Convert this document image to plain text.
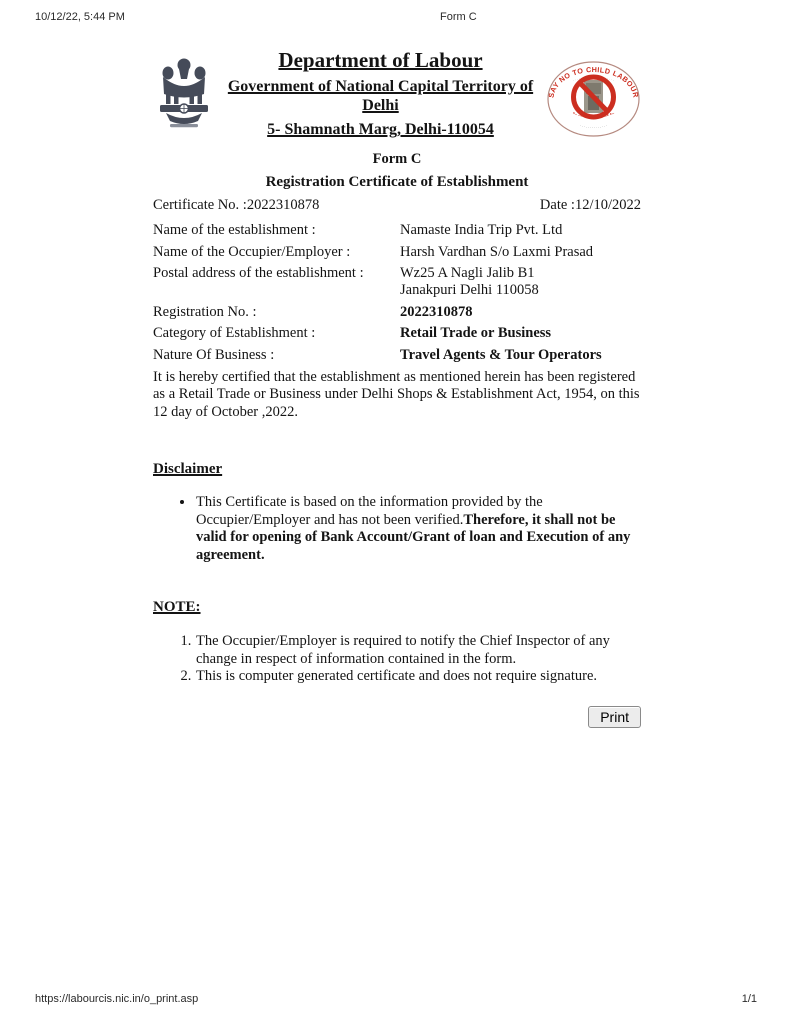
10/12/22, 5:44 PM	Form C
Department of Labour
Government of National Capital Territory of
Delhi
5- Shamnath Marg, Delhi-110054
SAY NO TO CHILD LABOUR
· · · · · · · · · · · · · · · · · · · ·
•– ––• •–– –•– ––• •–
· · · · · · · · · · · · · ·
Form C
Registration Certificate of Establishment
Certificate No. :2022310878	Date :12/10/2022
Name of the establishment :	Namaste India Trip Pvt. Ltd
Name of the Occupier/Employer :	Harsh Vardhan S/o Laxmi Prasad
Postal address of the establishment :	Wz25 A Nagli Jalib B1
Janakpuri Delhi 110058
Registration No. :	2022310878
Category of Establishment :	Retail Trade or Business
Nature Of Business :	Travel Agents & Tour Operators
It is hereby certified that the establishment as mentioned herein has been registered as a Retail Trade or Business under Delhi Shops & Establishment Act, 1954, on this 12 day of October ,2022.
Disclaimer
• This Certificate is based on the information provided by the Occupier/Employer and has not been verified.Therefore, it shall not be valid for opening of Bank Account/Grant of loan and Execution of any agreement.
NOTE:
1. The Occupier/Employer is required to notify the Chief Inspector of any change in respect of information contained in the form.
2. This is computer generated certificate and does not require signature.
Print
https://labourcis.nic.in/o_print.asp	1/1
